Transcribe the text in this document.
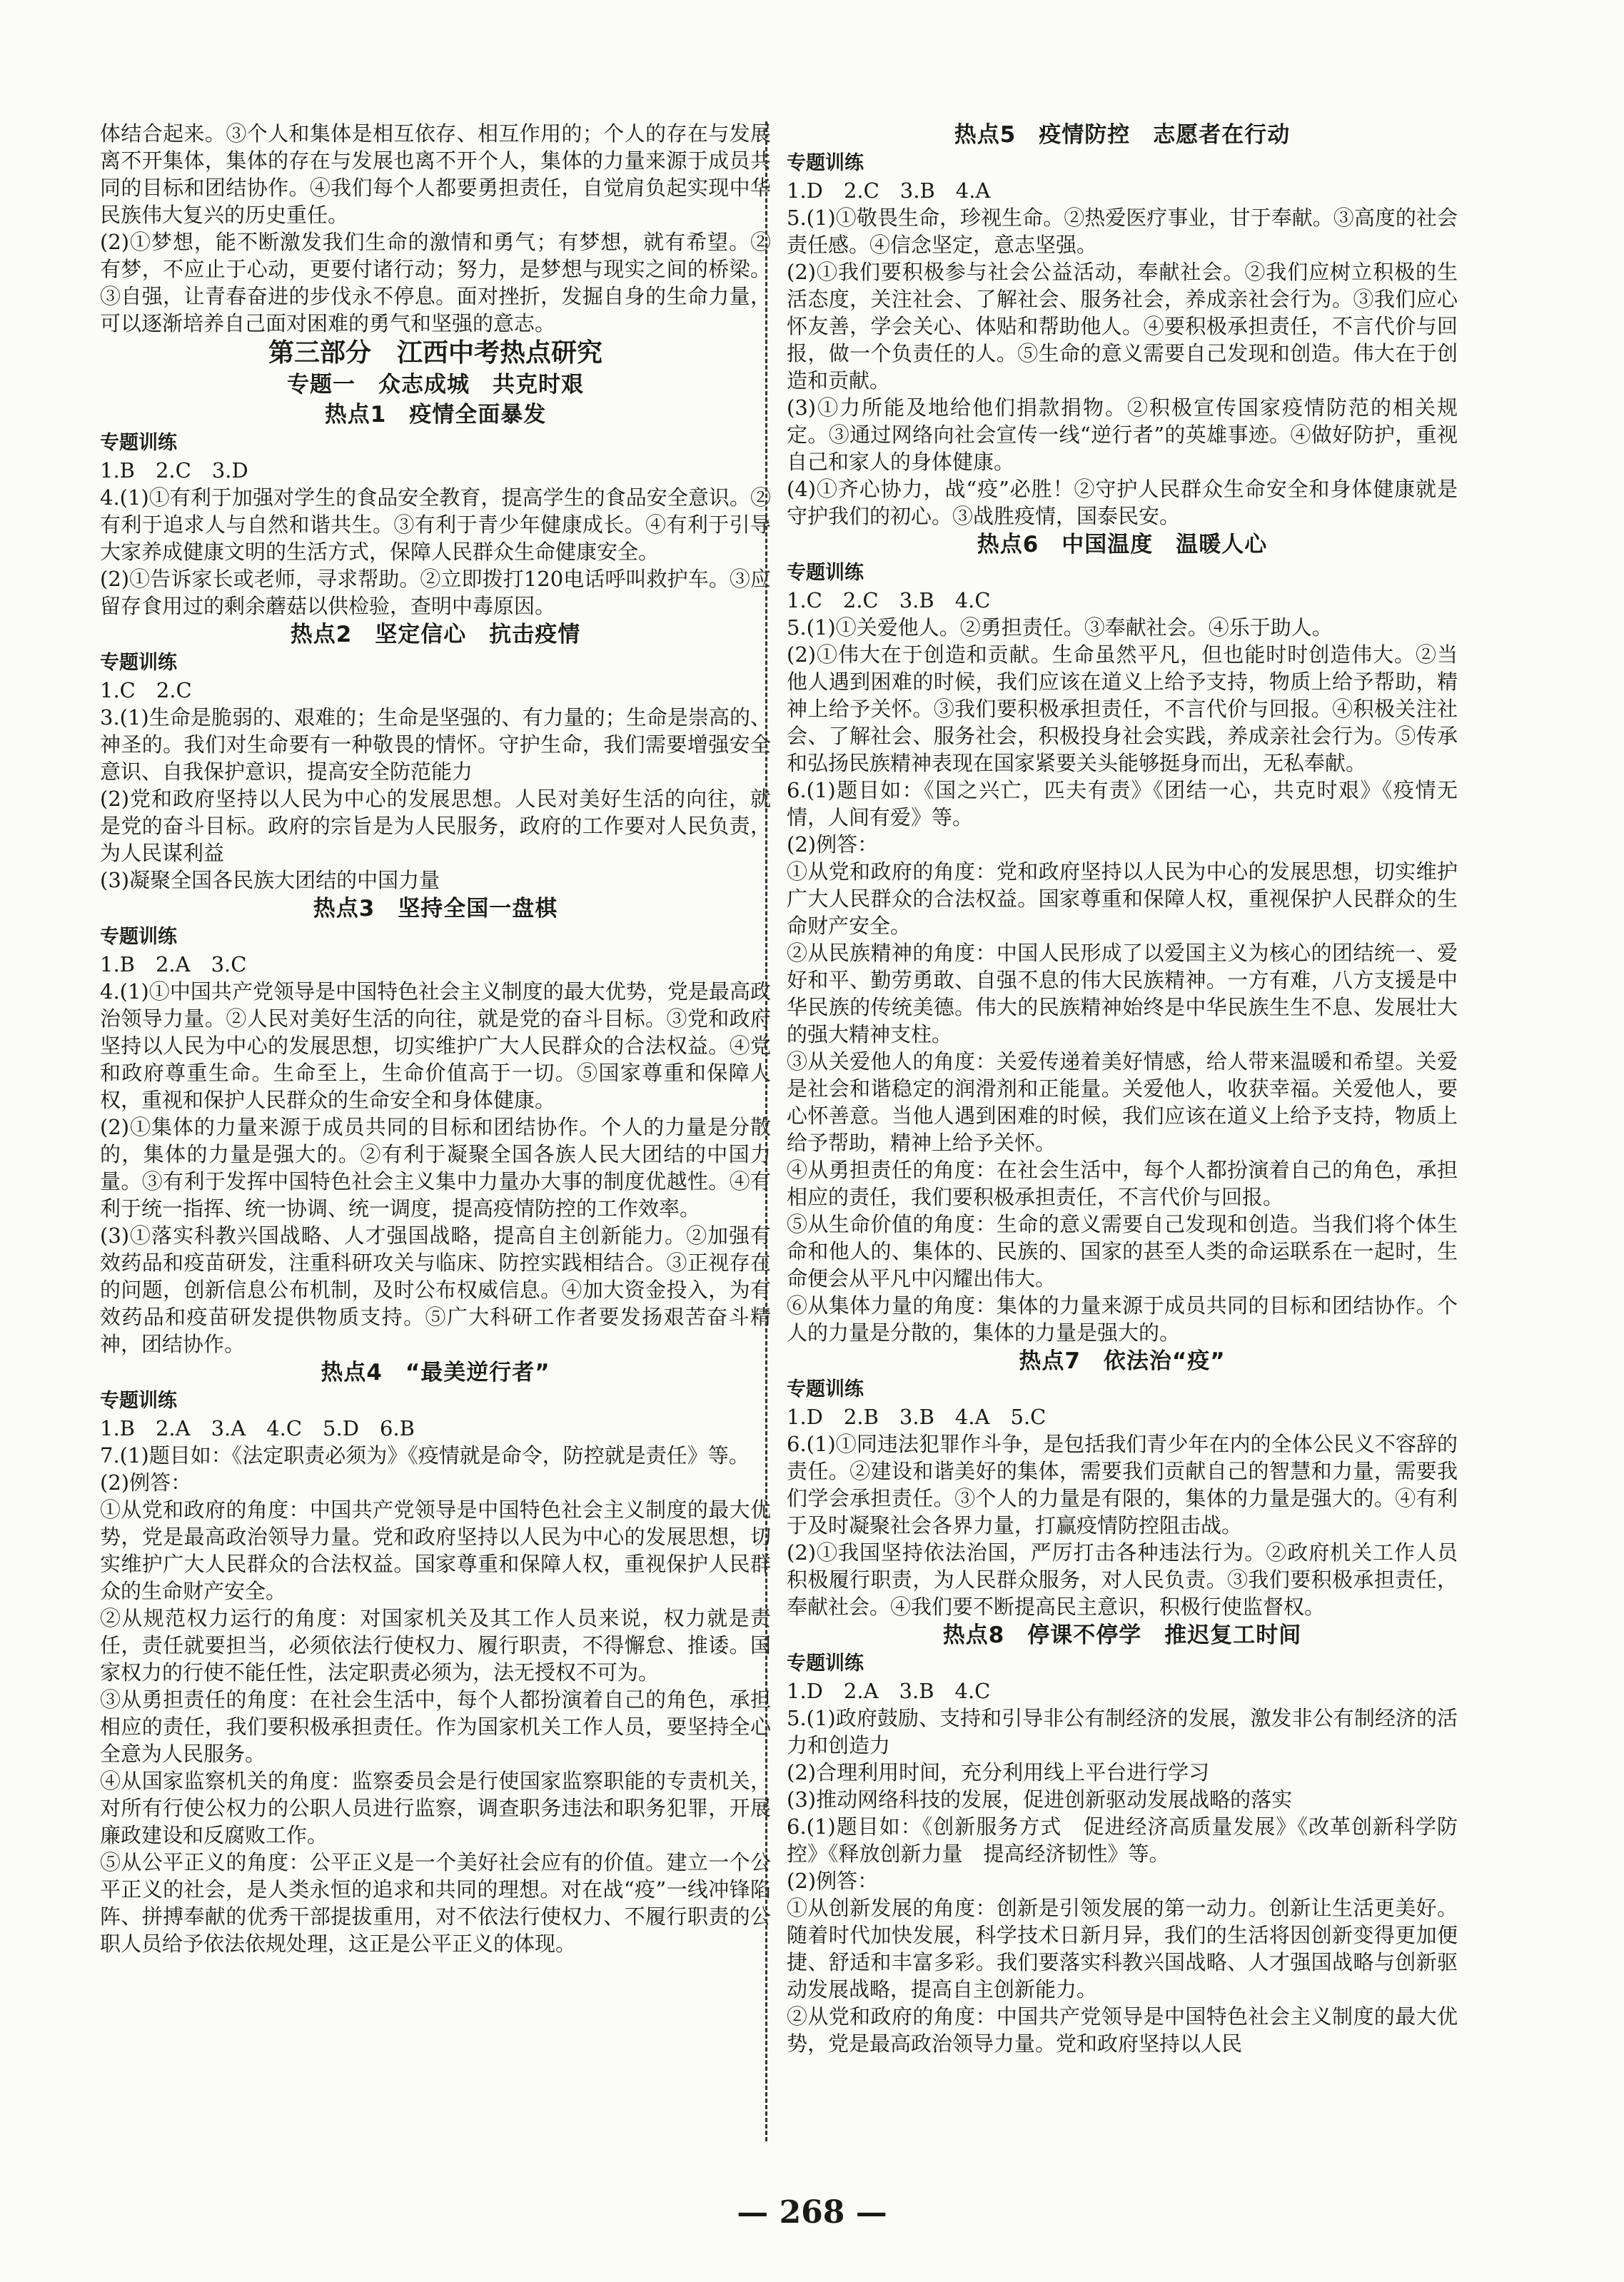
体结合起来。③个人和集体是相互依存、相互作用的；个人的存在与发展离不开集体，集体的存在与发展也离不开个人，集体的力量来源于成员共同的目标和团结协作。④我们每个人都要勇担责任，自觉肩负起实现中华民族伟大复兴的历史重任。
(2)①梦想，能不断激发我们生命的激情和勇气；有梦想，就有希望。②有梦，不应止于心动，更要付诸行动；努力，是梦想与现实之间的桥梁。③自强，让青春奋进的步伐永不停息。面对挫折，发掘自身的生命力量，可以逐渐培养自己面对困难的勇气和坚强的意志。
第三部分　江西中考热点研究
专题一　众志成城　共克时艰
热点1　疫情全面暴发
专题训练
1.B　2.C　3.D
4.(1)①有利于加强对学生的食品安全教育，提高学生的食品安全意识。②有利于追求人与自然和谐共生。③有利于青少年健康成长。④有利于引导大家养成健康文明的生活方式，保障人民群众生命健康安全。
(2)①告诉家长或老师，寻求帮助。②立即拨打120电话呼叫救护车。③应留存食用过的剩余蘑菇以供检验，查明中毒原因。
热点2　坚定信心　抗击疫情
专题训练
1.C　2.C
3.(1)生命是脆弱的、艰难的；生命是坚强的、有力量的；生命是崇高的、神圣的。我们对生命要有一种敬畏的情怀。守护生命，我们需要增强安全意识、自我保护意识，提高安全防范能力
(2)党和政府坚持以人民为中心的发展思想。人民对美好生活的向往，就是党的奋斗目标。政府的宗旨是为人民服务，政府的工作要对人民负责，为人民谋利益
(3)凝聚全国各民族大团结的中国力量
热点3　坚持全国一盘棋
专题训练
1.B　2.A　3.C
4.(1)①中国共产党领导是中国特色社会主义制度的最大优势，党是最高政治领导力量。②人民对美好生活的向往，就是党的奋斗目标。③党和政府坚持以人民为中心的发展思想，切实维护广大人民群众的合法权益。④党和政府尊重生命。生命至上，生命价值高于一切。⑤国家尊重和保障人权，重视和保护人民群众的生命安全和身体健康。
(2)①集体的力量来源于成员共同的目标和团结协作。个人的力量是分散的，集体的力量是强大的。②有利于凝聚全国各族人民大团结的中国力量。③有利于发挥中国特色社会主义集中力量办大事的制度优越性。④有利于统一指挥、统一协调、统一调度，提高疫情防控的工作效率。
(3)①落实科教兴国战略、人才强国战略，提高自主创新能力。②加强有效药品和疫苗研发，注重科研攻关与临床、防控实践相结合。③正视存在的问题，创新信息公布机制，及时公布权威信息。④加大资金投入，为有效药品和疫苗研发提供物质支持。⑤广大科研工作者要发扬艰苦奋斗精神，团结协作。
热点4　“最美逆行者”
专题训练
1.B　2.A　3.A　4.C　5.D　6.B
7.(1)题目如：《法定职责必须为》《疫情就是命令，防控就是责任》等。
(2)例答：
①从党和政府的角度：中国共产党领导是中国特色社会主义制度的最大优势，党是最高政治领导力量。党和政府坚持以人民为中心的发展思想，切实维护广大人民群众的合法权益。国家尊重和保障人权，重视保护人民群众的生命财产安全。
②从规范权力运行的角度：对国家机关及其工作人员来说，权力就是责任，责任就要担当，必须依法行使权力、履行职责，不得懈怠、推诿。国家权力的行使不能任性，法定职责必须为，法无授权不可为。
③从勇担责任的角度：在社会生活中，每个人都扮演着自己的角色，承担相应的责任，我们要积极承担责任。作为国家机关工作人员，要坚持全心全意为人民服务。
④从国家监察机关的角度：监察委员会是行使国家监察职能的专责机关，对所有行使公权力的公职人员进行监察，调查职务违法和职务犯罪，开展廉政建设和反腐败工作。
⑤从公平正义的角度：公平正义是一个美好社会应有的价值。建立一个公平正义的社会，是人类永恒的追求和共同的理想。对在战“疫”一线冲锋陷阵、拼搏奉献的优秀干部提拔重用，对不依法行使权力、不履行职责的公职人员给予依法依规处理，这正是公平正义的体现。
热点5　疫情防控　志愿者在行动
专题训练
1.D　2.C　3.B　4.A
5.(1)①敬畏生命，珍视生命。②热爱医疗事业，甘于奉献。③高度的社会责任感。④信念坚定，意志坚强。
(2)①我们要积极参与社会公益活动，奉献社会。②我们应树立积极的生活态度，关注社会、了解社会、服务社会，养成亲社会行为。③我们应心怀友善，学会关心、体贴和帮助他人。④要积极承担责任，不言代价与回报，做一个负责任的人。⑤生命的意义需要自己发现和创造。伟大在于创造和贡献。
(3)①力所能及地给他们捐款捐物。②积极宣传国家疫情防范的相关规定。③通过网络向社会宣传一线“逆行者”的英雄事迹。④做好防护，重视自己和家人的身体健康。
(4)①齐心协力，战“疫”必胜！②守护人民群众生命安全和身体健康就是守护我们的初心。③战胜疫情，国泰民安。
热点6　中国温度　温暖人心
专题训练
1.C　2.C　3.B　4.C
5.(1)①关爱他人。②勇担责任。③奉献社会。④乐于助人。
(2)①伟大在于创造和贡献。生命虽然平凡，但也能时时创造伟大。②当他人遇到困难的时候，我们应该在道义上给予支持，物质上给予帮助，精神上给予关怀。③我们要积极承担责任，不言代价与回报。④积极关注社会、了解社会、服务社会，积极投身社会实践，养成亲社会行为。⑤传承和弘扬民族精神表现在国家紧要关头能够挺身而出，无私奉献。
6.(1)题目如：《国之兴亡，匹夫有责》《团结一心，共克时艰》《疫情无情，人间有爱》等。
(2)例答：
①从党和政府的角度：党和政府坚持以人民为中心的发展思想，切实维护广大人民群众的合法权益。国家尊重和保障人权，重视保护人民群众的生命财产安全。
②从民族精神的角度：中国人民形成了以爱国主义为核心的团结统一、爱好和平、勤劳勇敢、自强不息的伟大民族精神。一方有难，八方支援是中华民族的传统美德。伟大的民族精神始终是中华民族生生不息、发展壮大的强大精神支柱。
③从关爱他人的角度：关爱传递着美好情感，给人带来温暖和希望。关爱是社会和谐稳定的润滑剂和正能量。关爱他人，收获幸福。关爱他人，要心怀善意。当他人遇到困难的时候，我们应该在道义上给予支持，物质上给予帮助，精神上给予关怀。
④从勇担责任的角度：在社会生活中，每个人都扮演着自己的角色，承担相应的责任，我们要积极承担责任，不言代价与回报。
⑤从生命价值的角度：生命的意义需要自己发现和创造。当我们将个体生命和他人的、集体的、民族的、国家的甚至人类的命运联系在一起时，生命便会从平凡中闪耀出伟大。
⑥从集体力量的角度：集体的力量来源于成员共同的目标和团结协作。个人的力量是分散的，集体的力量是强大的。
热点7　依法治“疫”
专题训练
1.D　2.B　3.B　4.A　5.C
6.(1)①同违法犯罪作斗争，是包括我们青少年在内的全体公民义不容辞的责任。②建设和谐美好的集体，需要我们贡献自己的智慧和力量，需要我们学会承担责任。③个人的力量是有限的，集体的力量是强大的。④有利于及时凝聚社会各界力量，打赢疫情防控阻击战。
(2)①我国坚持依法治国，严厉打击各种违法行为。②政府机关工作人员积极履行职责，为人民群众服务，对人民负责。③我们要积极承担责任，奉献社会。④我们要不断提高民主意识，积极行使监督权。
热点8　停课不停学　推迟复工时间
专题训练
1.D　2.A　3.B　4.C
5.(1)政府鼓励、支持和引导非公有制经济的发展，激发非公有制经济的活力和创造力
(2)合理利用时间，充分利用线上平台进行学习
(3)推动网络科技的发展，促进创新驱动发展战略的落实
6.(1)题目如：《创新服务方式　促进经济高质量发展》《改革创新科学防控》《释放创新力量　提高经济韧性》等。
(2)例答：
①从创新发展的角度：创新是引领发展的第一动力。创新让生活更美好。随着时代加快发展，科学技术日新月异，我们的生活将因创新变得更加便捷、舒适和丰富多彩。我们要落实科教兴国战略、人才强国战略与创新驱动发展战略，提高自主创新能力。
②从党和政府的角度：中国共产党领导是中国特色社会主义制度的最大优势，党是最高政治领导力量。党和政府坚持以人民
— 268 —
